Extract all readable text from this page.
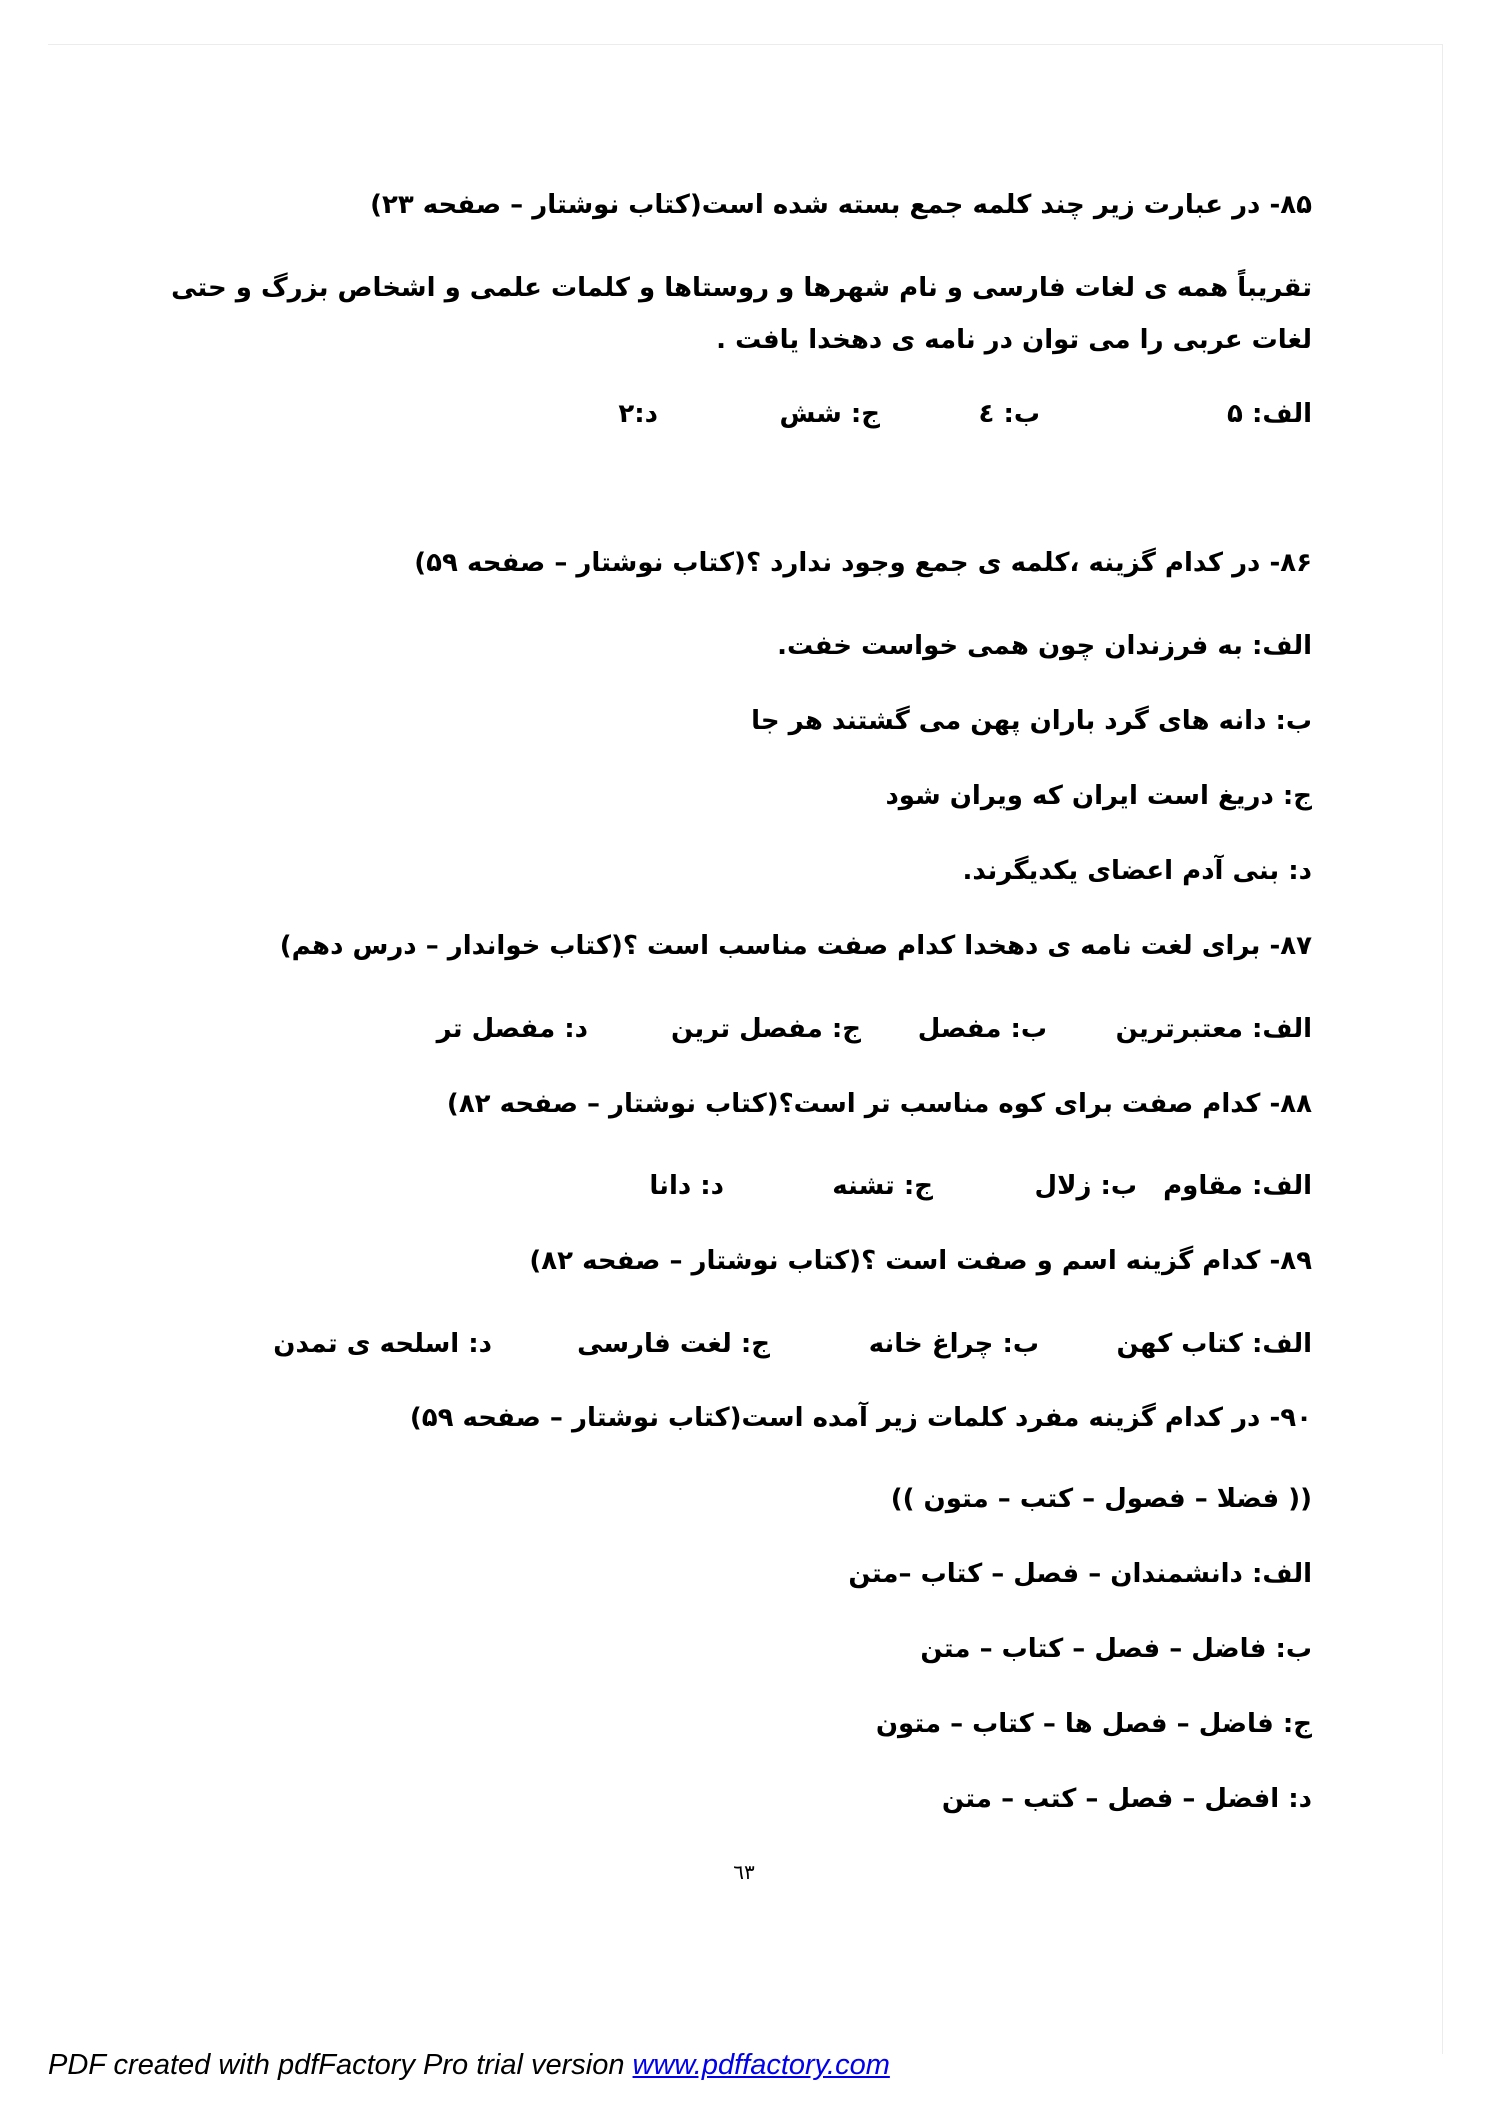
۸۵- در عبارت زیر چند کلمه جمع بسته شده است(کتاب نوشتار – صفحه ۲۳)
تقریباً همه ی لغات فارسی و نام شهرها و روستاها و کلمات علمی و اشخاص بزرگ و حتی لغات عربی را می توان در نامه ی دهخدا یافت .
الف: ۵
ب: ٤
ج: شش
د:۲
۸۶- در کدام گزینه ،کلمه ی جمع وجود ندارد ؟(کتاب نوشتار – صفحه ۵۹)
الف: به فرزندان چون همی خواست خفت.
ب: دانه های گرد باران پهن می گشتند هر جا
ج: دریغ است ایران که ویران شود
د: بنی آدم اعضای یکدیگرند.
۸۷- برای لغت نامه ی دهخدا کدام صفت مناسب است ؟(کتاب خواندار – درس دهم)
الف: معتبرترین
ب: مفصل
ج: مفصل ترین
د: مفصل تر
۸۸- کدام صفت برای کوه مناسب تر است؟(کتاب نوشتار – صفحه ۸۲)
الف: مقاوم
ب: زلال
ج: تشنه
د: دانا
۸۹- کدام گزینه اسم و صفت است ؟(کتاب نوشتار – صفحه ۸۲)
الف: کتاب کهن
ب: چراغ خانه
ج: لغت فارسی
د: اسلحه ی تمدن
۹۰- در کدام گزینه مفرد کلمات زیر آمده است(کتاب نوشتار – صفحه ۵۹)
(( فضلا – فصول – کتب – متون ))
الف: دانشمندان – فصل – کتاب –متن
ب: فاضل – فصل – کتاب – متن
ج: فاضل – فصل ها – کتاب – متون
د: افضل – فصل – کتب – متن
٦٣
PDF created with pdfFactory Pro trial version www.pdffactory.com
